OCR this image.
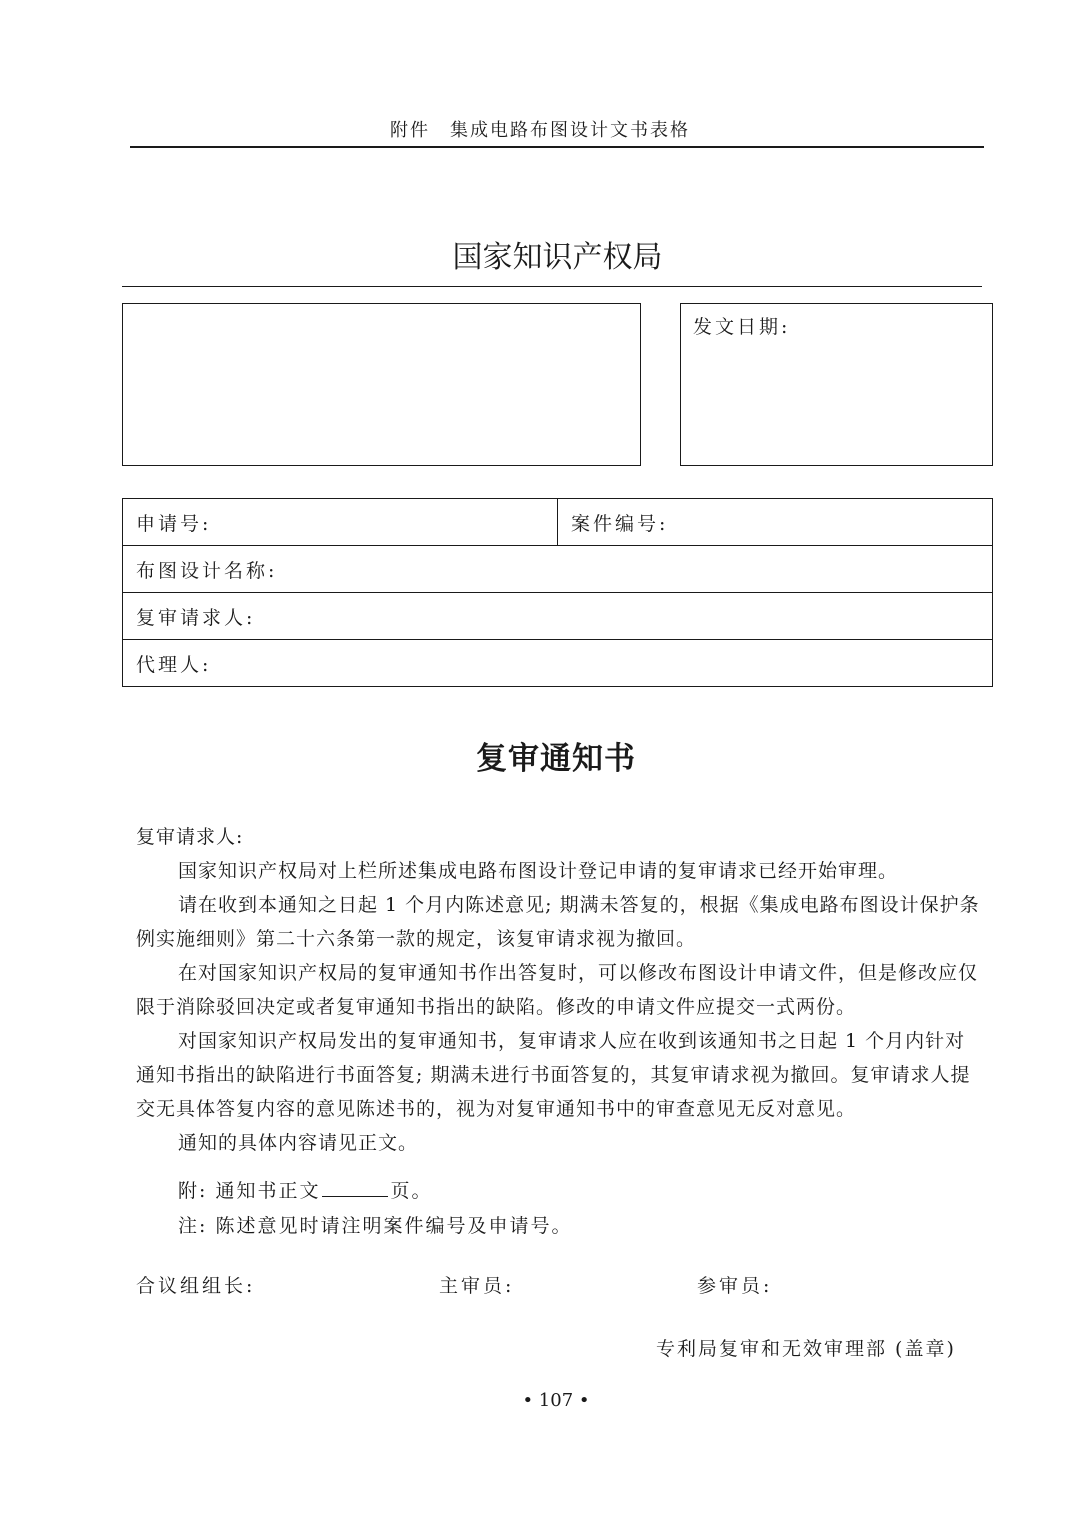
附件　集成电路布图设计文书表格
国家知识产权局
发文日期:
申请号:	案件编号:
布图设计名称:
复审请求人:
代理人:
复审通知书

复审请求人:

国家知识产权局对上栏所述集成电路布图设计登记申请的复审请求已经开始审理。

请在收到本通知之日起 1 个月内陈述意见; 期满未答复的，根据《集成电路布图设计保护条例实施细则》第二十六条第一款的规定，该复审请求视为撤回。

在对国家知识产权局的复审通知书作出答复时，可以修改布图设计申请文件，但是修改应仅限于消除驳回决定或者复审通知书指出的缺陷。修改的申请文件应提交一式两份。

对国家知识产权局发出的复审通知书，复审请求人应在收到该通知书之日起 1 个月内针对通知书指出的缺陷进行书面答复; 期满未进行书面答复的，其复审请求视为撤回。复审请求人提交无具体答复内容的意见陈述书的，视为对复审通知书中的审查意见无反对意见。

通知的具体内容请见正文。

附: 通知书正文	页。
注: 陈述意见时请注明案件编号及申请号。
合议组组长:	主审员:	参审员:
专利局复审和无效审理部 (盖章)
• 107 •
